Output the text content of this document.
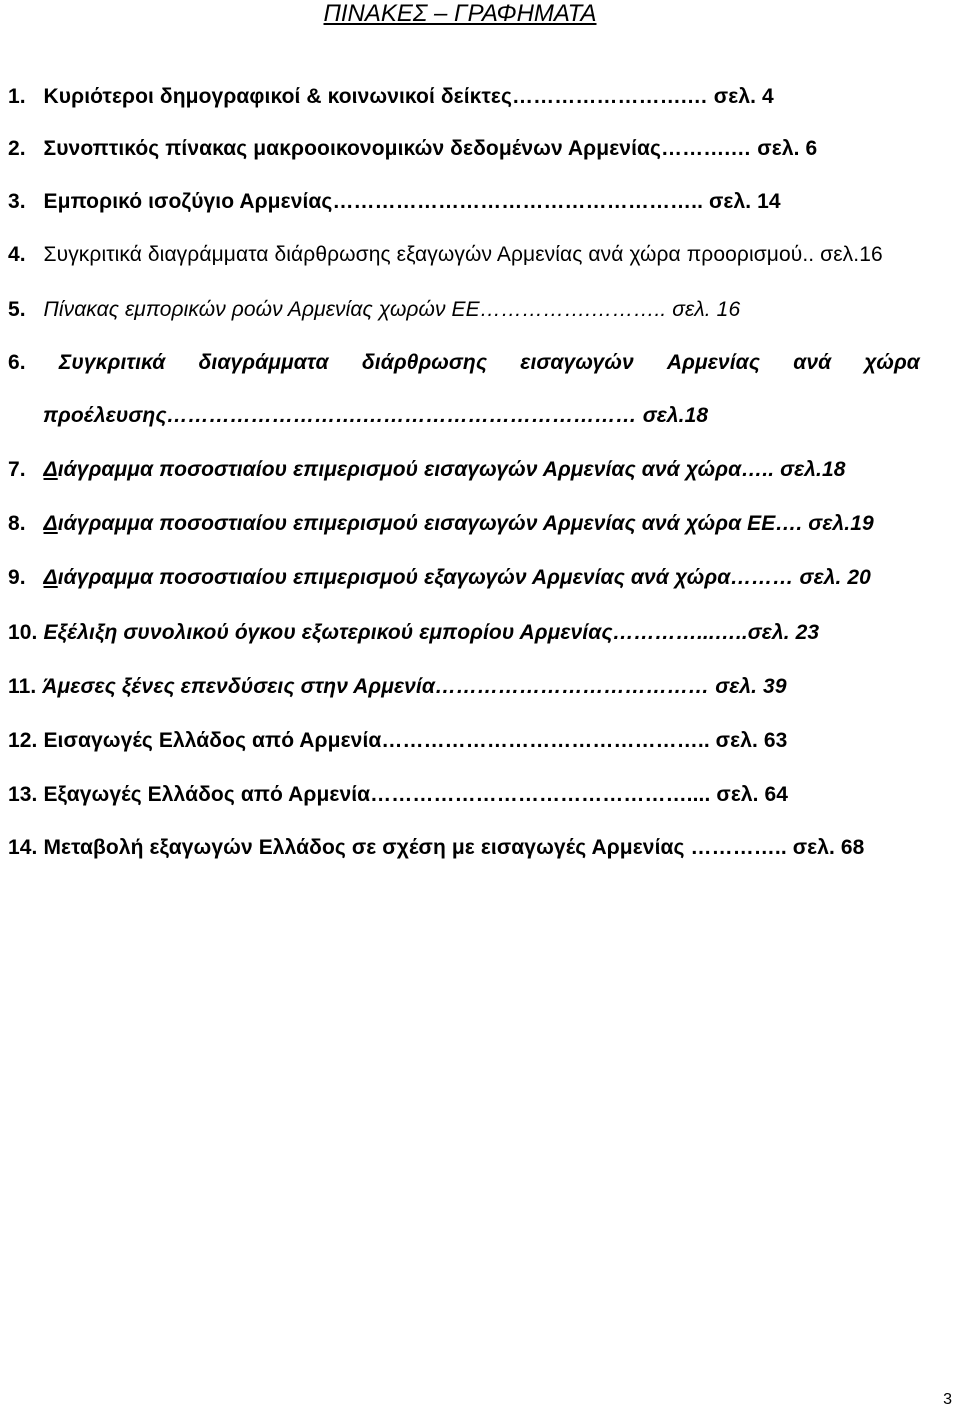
ΠΙΝΑΚΕΣ – ΓΡΑΦΗΜΑΤΑ
1. Κυριότεροι δημογραφικοί & κοινωνικοί δείκτες…………………….… σελ. 4
2. Συνοπτικός πίνακας μακροοικονομικών δεδομένων Αρμενίας……….… σελ. 6
3. Εμπορικό ισοζύγιο Αρμενίας…………………………………………….. σελ. 14
4. Συγκριτικά διαγράμματα διάρθρωσης εξαγωγών Αρμενίας ανά χώρα προορισμού.. σελ.16
5. Πίνακας εμπορικών ροών Αρμενίας χωρών ΕΕ…………….……….. σελ. 16
6. Συγκριτικά διαγράμματα διάρθρωσης εισαγωγών Αρμενίας ανά χώρα
προέλευσης……………………….………………………………… σελ.18
7. Διάγραμμα ποσοστιαίου επιμερισμού εισαγωγών Αρμενίας ανά χώρα….. σελ.18
8. Διάγραμμα ποσοστιαίου επιμερισμού εισαγωγών Αρμενίας ανά χώρα ΕΕ…. σελ.19
9. Διάγραμμα ποσοστιαίου επιμερισμού εξαγωγών Αρμενίας ανά χώρα……… σελ. 20
10. Εξέλιξη συνολικού όγκου εξωτερικού εμπορίου Αρμενίας…………...…..σελ. 23
11. Άμεσες ξένες επενδύσεις στην Αρμενία………………………………… σελ. 39
12. Εισαγωγές Ελλάδος από Αρμενία……………………………………….. σελ. 63
13. Εξαγωγές Ελλάδος από Αρμενία……………………………………….... σελ. 64
14. Μεταβολή εξαγωγών Ελλάδος σε σχέση με εισαγωγές Αρμενίας ………….. σελ. 68
3
